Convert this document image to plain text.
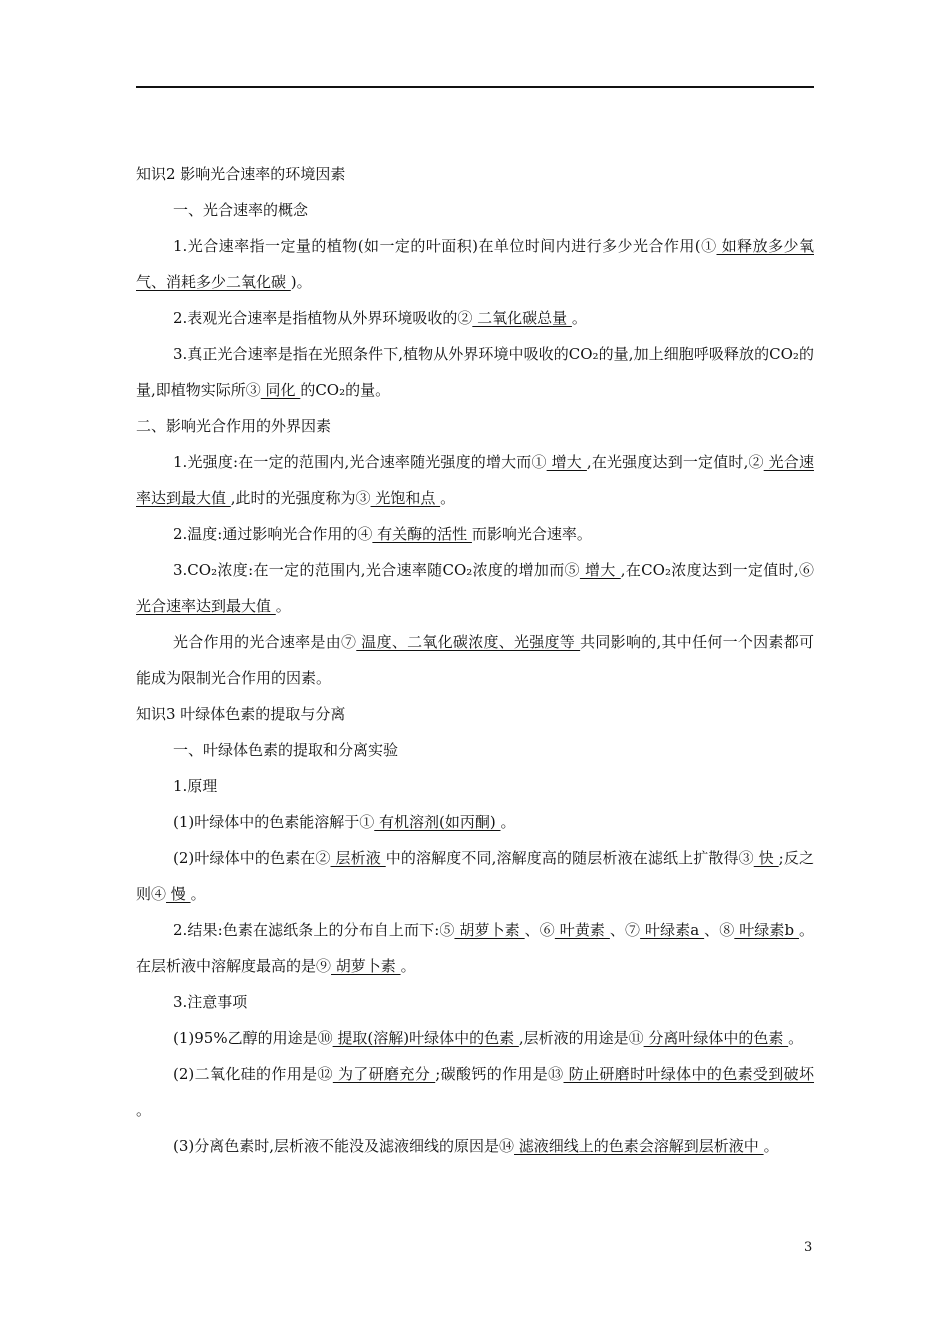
知识2 影响光合速率的环境因素
一、光合速率的概念
1.光合速率指一定量的植物(如一定的叶面积)在单位时间内进行多少光合作用(① 如释放多少氧气、消耗多少二氧化碳 )。
2.表观光合速率是指植物从外界环境吸收的② 二氧化碳总量 。
3.真正光合速率是指在光照条件下,植物从外界环境中吸收的CO₂的量,加上细胞呼吸释放的CO₂的量,即植物实际所③ 同化 的CO₂的量。
二、影响光合作用的外界因素
1.光强度:在一定的范围内,光合速率随光强度的增大而① 增大 ,在光强度达到一定值时,② 光合速率达到最大值 ,此时的光强度称为③ 光饱和点 。
2.温度:通过影响光合作用的④ 有关酶的活性 而影响光合速率。
3.CO₂浓度:在一定的范围内,光合速率随CO₂浓度的增加而⑤ 增大 ,在CO₂浓度达到一定值时,⑥ 光合速率达到最大值 。
光合作用的光合速率是由⑦ 温度、二氧化碳浓度、光强度等 共同影响的,其中任何一个因素都可能成为限制光合作用的因素。
知识3 叶绿体色素的提取与分离
一、叶绿体色素的提取和分离实验
1.原理
(1)叶绿体中的色素能溶解于① 有机溶剂(如丙酮) 。
(2)叶绿体中的色素在② 层析液 中的溶解度不同,溶解度高的随层析液在滤纸上扩散得③ 快 ;反之则④ 慢 。
2.结果:色素在滤纸条上的分布自上而下:⑤ 胡萝卜素 、⑥ 叶黄素 、⑦ 叶绿素a 、⑧ 叶绿素b 。在层析液中溶解度最高的是⑨ 胡萝卜素 。
3.注意事项
(1)95%乙醇的用途是⑩ 提取(溶解)叶绿体中的色素 ,层析液的用途是⑪ 分离叶绿体中的色素 。
(2)二氧化硅的作用是⑫ 为了研磨充分 ;碳酸钙的作用是⑬ 防止研磨时叶绿体中的色素受到破坏 。
(3)分离色素时,层析液不能没及滤液细线的原因是⑭ 滤液细线上的色素会溶解到层析液中 。
3
